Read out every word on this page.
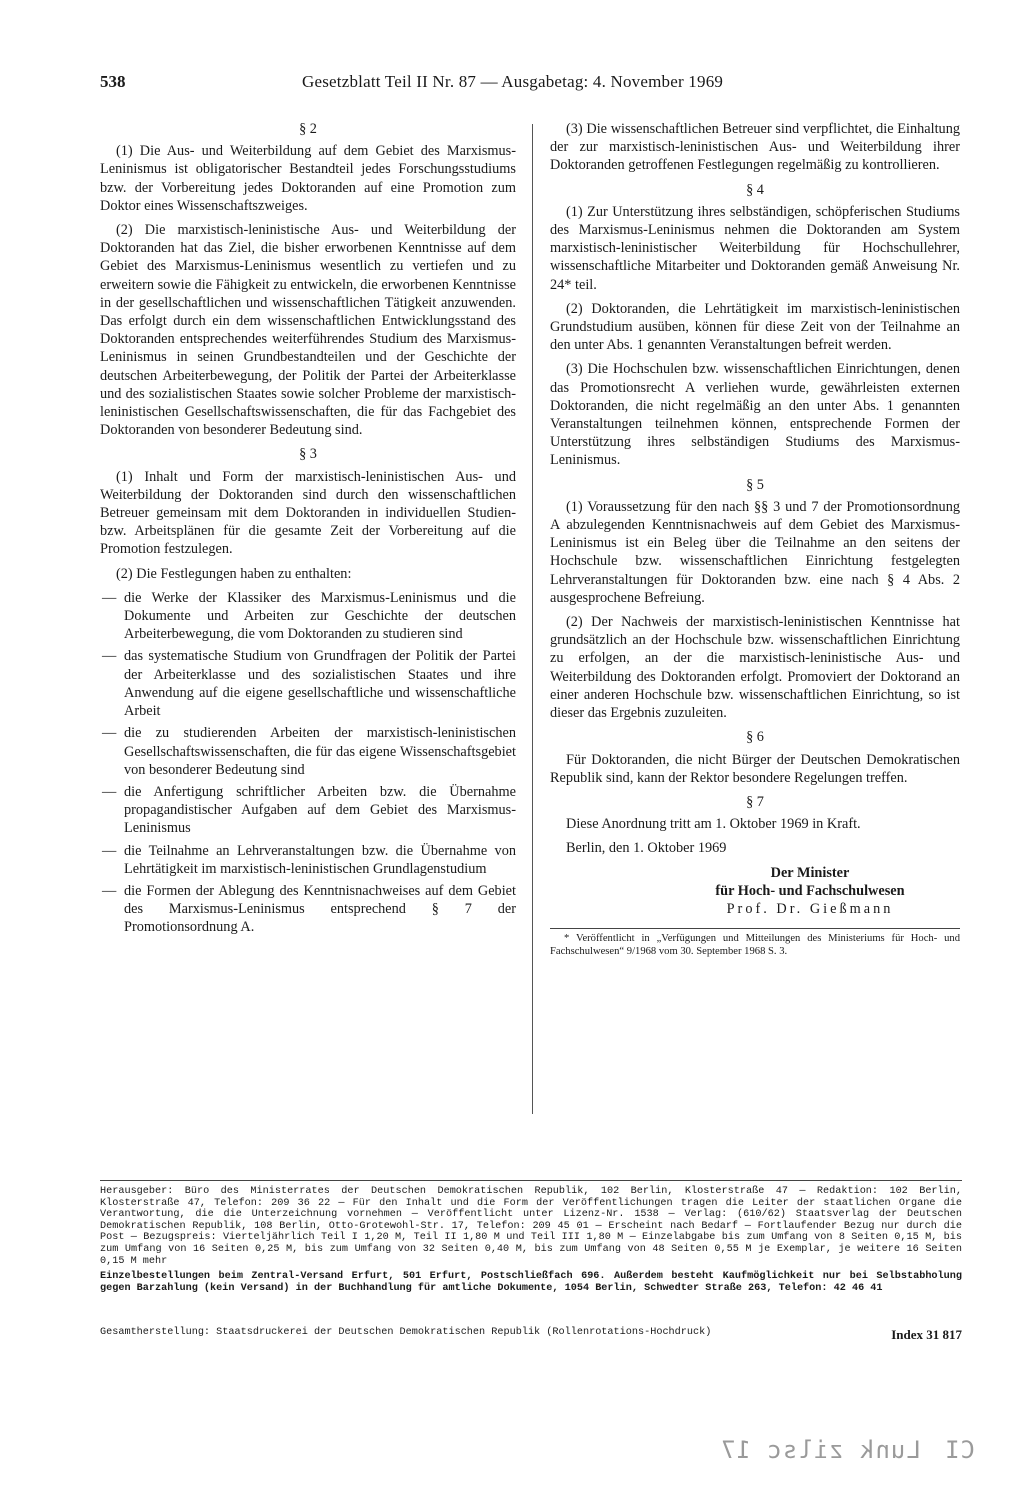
538	Gesetzblatt Teil II Nr. 87 — Ausgabetag: 4. November 1969
§ 2

(1) Die Aus- und Weiterbildung auf dem Gebiet des Marxismus-Leninismus ist obligatorischer Bestandteil jedes Forschungsstudiums bzw. der Vorbereitung jedes Doktoranden auf eine Promotion zum Doktor eines Wissenschaftszweiges.

(2) Die marxistisch-leninistische Aus- und Weiterbildung der Doktoranden hat das Ziel, die bisher erworbenen Kenntnisse auf dem Gebiet des Marxismus-Leninismus wesentlich zu vertiefen und zu erweitern sowie die Fähigkeit zu entwickeln, die erworbenen Kenntnisse in der gesellschaftlichen und wissenschaftlichen Tätigkeit anzuwenden. Das erfolgt durch ein dem wissenschaftlichen Entwicklungsstand des Doktoranden entsprechendes weiterführendes Studium des Marxismus-Leninismus in seinen Grundbestandteilen und der Geschichte der deutschen Arbeiterbewegung, der Politik der Partei der Arbeiterklasse und des sozialistischen Staates sowie solcher Probleme der marxistisch-leninistischen Gesellschaftswissenschaften, die für das Fachgebiet des Doktoranden von besonderer Bedeutung sind.

§ 3

(1) Inhalt und Form der marxistisch-leninistischen Aus- und Weiterbildung der Doktoranden sind durch den wissenschaftlichen Betreuer gemeinsam mit dem Doktoranden in individuellen Studien- bzw. Arbeitsplänen für die gesamte Zeit der Vorbereitung auf die Promotion festzulegen.

(2) Die Festlegungen haben zu enthalten:

— die Werke der Klassiker des Marxismus-Leninismus und die Dokumente und Arbeiten zur Geschichte der deutschen Arbeiterbewegung, die vom Doktoranden zu studieren sind
— das systematische Studium von Grundfragen der Politik der Partei der Arbeiterklasse und des sozialistischen Staates und ihre Anwendung auf die eigene gesellschaftliche und wissenschaftliche Arbeit
— die zu studierenden Arbeiten der marxistisch-leninistischen Gesellschaftswissenschaften, die für das eigene Wissenschaftsgebiet von besonderer Bedeutung sind
— die Anfertigung schriftlicher Arbeiten bzw. die Übernahme propagandistischer Aufgaben auf dem Gebiet des Marxismus-Leninismus
— die Teilnahme an Lehrveranstaltungen bzw. die Übernahme von Lehrtätigkeit im marxistisch-leninistischen Grundlagenstudium
— die Formen der Ablegung des Kenntnisnachweises auf dem Gebiet des Marxismus-Leninismus entsprechend § 7 der Promotionsordnung A.

(3) Die wissenschaftlichen Betreuer sind verpflichtet, die Einhaltung der zur marxistisch-leninistischen Aus- und Weiterbildung ihrer Doktoranden getroffenen Festlegungen regelmäßig zu kontrollieren.

§ 4

(1) Zur Unterstützung ihres selbständigen, schöpferischen Studiums des Marxismus-Leninismus nehmen die Doktoranden am System marxistisch-leninistischer Weiterbildung für Hochschullehrer, wissenschaftliche Mitarbeiter und Doktoranden gemäß Anweisung Nr. 24* teil.

(2) Doktoranden, die Lehrtätigkeit im marxistisch-leninistischen Grundstudium ausüben, können für diese Zeit von der Teilnahme an den unter Abs. 1 genannten Veranstaltungen befreit werden.

(3) Die Hochschulen bzw. wissenschaftlichen Einrichtungen, denen das Promotionsrecht A verliehen wurde, gewährleisten externen Doktoranden, die nicht regelmäßig an den unter Abs. 1 genannten Veranstaltungen teilnehmen können, entsprechende Formen der Unterstützung ihres selbständigen Studiums des Marxismus-Leninismus.

§ 5

(1) Voraussetzung für den nach §§ 3 und 7 der Promotionsordnung A abzulegenden Kenntnisnachweis auf dem Gebiet des Marxismus-Leninismus ist ein Beleg über die Teilnahme an den seitens der Hochschule bzw. wissenschaftlichen Einrichtung festgelegten Lehrveranstaltungen für Doktoranden bzw. eine nach § 4 Abs. 2 ausgesprochene Befreiung.

(2) Der Nachweis der marxistisch-leninistischen Kenntnisse hat grundsätzlich an der Hochschule bzw. wissenschaftlichen Einrichtung zu erfolgen, an der die marxistisch-leninistische Aus- und Weiterbildung des Doktoranden erfolgt. Promoviert der Doktorand an einer anderen Hochschule bzw. wissenschaftlichen Einrichtung, so ist dieser das Ergebnis zuzuleiten.

§ 6

Für Doktoranden, die nicht Bürger der Deutschen Demokratischen Republik sind, kann der Rektor besondere Regelungen treffen.

§ 7

Diese Anordnung tritt am 1. Oktober 1969 in Kraft.

Berlin, den 1. Oktober 1969

Der Minister
für Hoch- und Fachschulwesen
Prof. Dr. Gießmann

* Veröffentlicht in „Verfügungen und Mitteilungen des Ministeriums für Hoch- und Fachschulwesen“ 9/1968 vom 30. September 1968 S. 3.

Herausgeber: Büro des Ministerrates der Deutschen Demokratischen Republik, 102 Berlin, Klosterstraße 47 — Redaktion: 102 Berlin, Klosterstraße 47, Telefon: 209 36 22 — Für den Inhalt und die Form der Veröffentlichungen tragen die Leiter der staatlichen Organe die Verantwortung, die die Unterzeichnung vornehmen — Veröffentlicht unter Lizenz-Nr. 1538 — Verlag: (610/62) Staatsverlag der Deutschen Demokratischen Republik, 108 Berlin, Otto-Grotewohl-Str. 17, Telefon: 209 45 01 — Erscheint nach Bedarf — Fortlaufender Bezug nur durch die Post — Bezugspreis: Vierteljährlich Teil I 1,20 M, Teil II 1,80 M und Teil III 1,80 M — Einzelabgabe bis zum Umfang von 8 Seiten 0,15 M, bis zum Umfang von 16 Seiten 0,25 M, bis zum Umfang von 32 Seiten 0,40 M, bis zum Umfang von 48 Seiten 0,55 M je Exemplar, je weitere 16 Seiten 0,15 M mehr
Einzelbestellungen beim Zentral-Versand Erfurt, 501 Erfurt, Postschließfach 696. Außerdem besteht Kaufmöglichkeit nur bei Selbstabholung gegen Barzahlung (kein Versand) in der Buchhandlung für amtliche Dokumente, 1054 Berlin, Schwedter Straße 263, Telefon: 42 46 41
Gesamtherstellung: Staatsdruckerei der Deutschen Demokratischen Republik (Rollenrotations-Hochdruck)	Index 31 817
Lunk zilsc 17 CI
